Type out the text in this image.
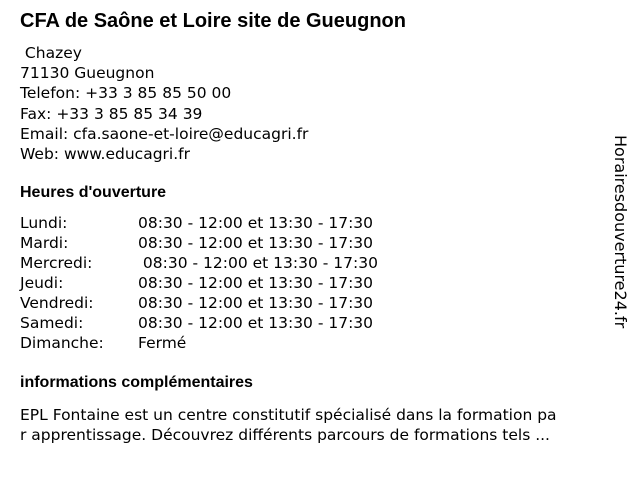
CFA de Saône et Loire site de Gueugnon
Chazey
71130 Gueugnon
Telefon: +33 3 85 85 50 00
Fax: +33 3 85 85 34 39
Email: cfa.saone-et-loire@educagri.fr
Web: www.educagri.fr
Heures d'ouverture
Lundi:	08:30 - 12:00 et 13:30 - 17:30
Mardi:	08:30 - 12:00 et 13:30 - 17:30
Mercredi:	08:30 - 12:00 et 13:30 - 17:30
Jeudi:	08:30 - 12:00 et 13:30 - 17:30
Vendredi:	08:30 - 12:00 et 13:30 - 17:30
Samedi:	08:30 - 12:00 et 13:30 - 17:30
Dimanche:	Fermé
informations complémentaires
EPL Fontaine est un centre constitutif spécialisé dans la formation pa
r apprentissage. Découvrez différents parcours de formations tels ...
Horairesdouverture24.fr
